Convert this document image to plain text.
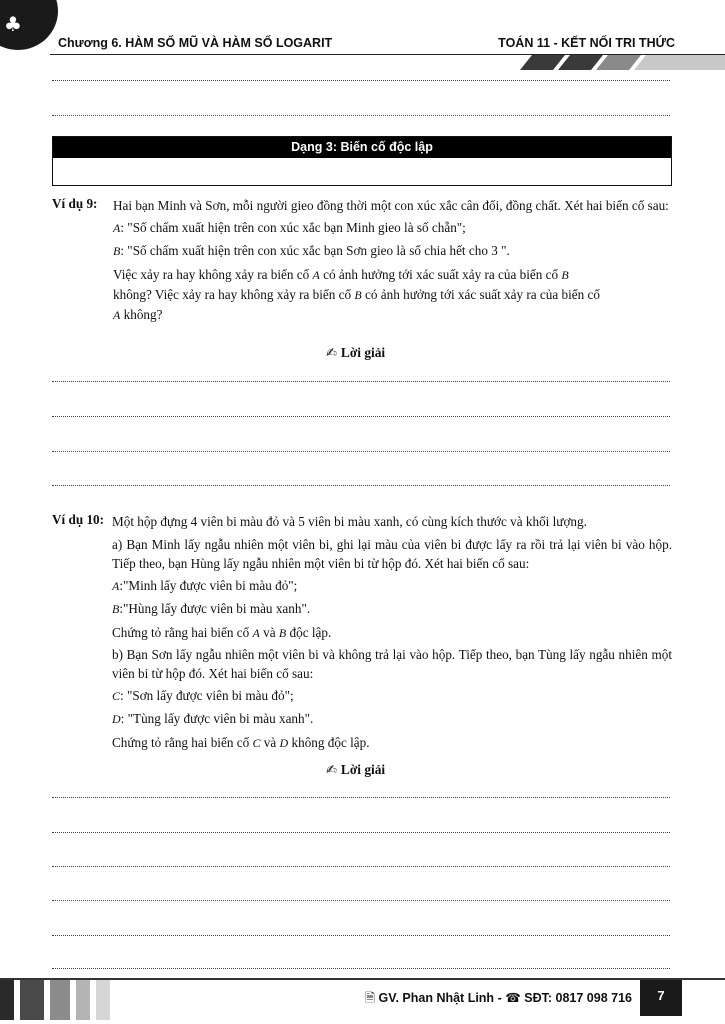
♣
Chương 6. HÀM SỐ MŨ VÀ HÀM SỐ LOGARIT	TOÁN 11 - KẾT NỐI TRI THỨC
Dạng 3: Biến cố độc lập
Ví dụ 9: Hai bạn Minh và Sơn, mỗi người gieo đồng thời một con xúc xắc cân đối, đồng chất. Xét hai biến cố sau:
A: "Số chấm xuất hiện trên con xúc xắc bạn Minh gieo là số chẵn";
B: "Số chấm xuất hiện trên con xúc xắc bạn Sơn gieo là số chia hết cho 3 ".
Việc xảy ra hay không xảy ra biến cố A có ảnh hưởng tới xác suất xảy ra của biến cố B
không? Việc xảy ra hay không xảy ra biến cố B có ảnh hưởng tới xác suất xảy ra của biến cố
A không?
✍ Lời giải
Ví dụ 10: Một hộp đựng 4 viên bi màu đỏ và 5 viên bi màu xanh, có cùng kích thước và khối lượng.
a) Bạn Minh lấy ngẫu nhiên một viên bi, ghi lại màu của viên bi được lấy ra rồi trả lại viên bi vào hộp. Tiếp theo, bạn Hùng lấy ngẫu nhiên một viên bi từ hộp đó. Xét hai biến cố sau:
A:"Minh lấy được viên bi màu đỏ";
B:"Hùng lấy được viên bi màu xanh".
Chứng tỏ rằng hai biến cố A và B độc lập.
b) Bạn Sơn lấy ngẫu nhiên một viên bi và không trả lại vào hộp. Tiếp theo, bạn Tùng lấy ngẫu nhiên một viên bi từ hộp đó. Xét hai biến cố sau:
C: "Sơn lấy được viên bi màu đỏ";
D: "Tùng lấy được viên bi màu xanh".
Chứng tỏ rằng hai biến cố C và D không độc lập.
✍ Lời giải
🗎 GV. Phan Nhật Linh - ☎ SĐT: 0817 098 716	7
